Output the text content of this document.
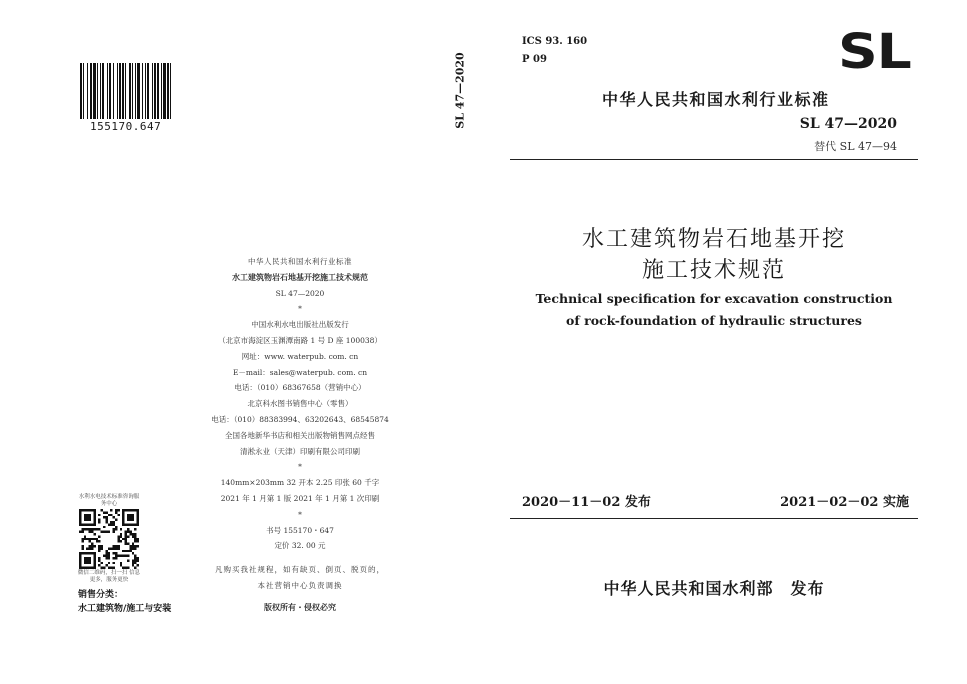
155170.647	SL 47—2020
中华人民共和国水利行业标准
水工建筑物岩石地基开挖施工技术规范
SL 47—2020
*
中国水利水电出版社出版发行
（北京市海淀区玉渊潭南路 1 号 D 座 100038）
网址：www. waterpub. com. cn
E－mail：sales@waterpub. com. cn
电话：（010）68367658（营销中心）
北京科水图书销售中心（零售）
电话：（010）88383994、63202643、68545874
全国各地新华书店和相关出版物销售网点经售
清淞永业（天津）印刷有限公司印刷
*
140mm×203mm 32 开本 2.25 印张 60 千字
2021 年 1 月第 1 版 2021 年 1 月第 1 次印刷
*
书号 155170・647
定价 32. 00 元
凡购买我社规程，如有缺页、倒页、脱页的，
本社营销中心负责调换
版权所有・侵权必究
水利水电技术标准咨询服务中心
微信二维码，扫一扫 信息更多，服务更快
销售分类：
水工建筑物/施工与安装
ICS 93. 160
P 09	SL
中华人民共和国水利行业标准
SL 47—2020
替代 SL 47—94
水工建筑物岩石地基开挖
施工技术规范
Technical specification for excavation construction
of rock-foundation of hydraulic structures
2020－11－02 发布	2021－02－02 实施
中华人民共和国水利部　发布
